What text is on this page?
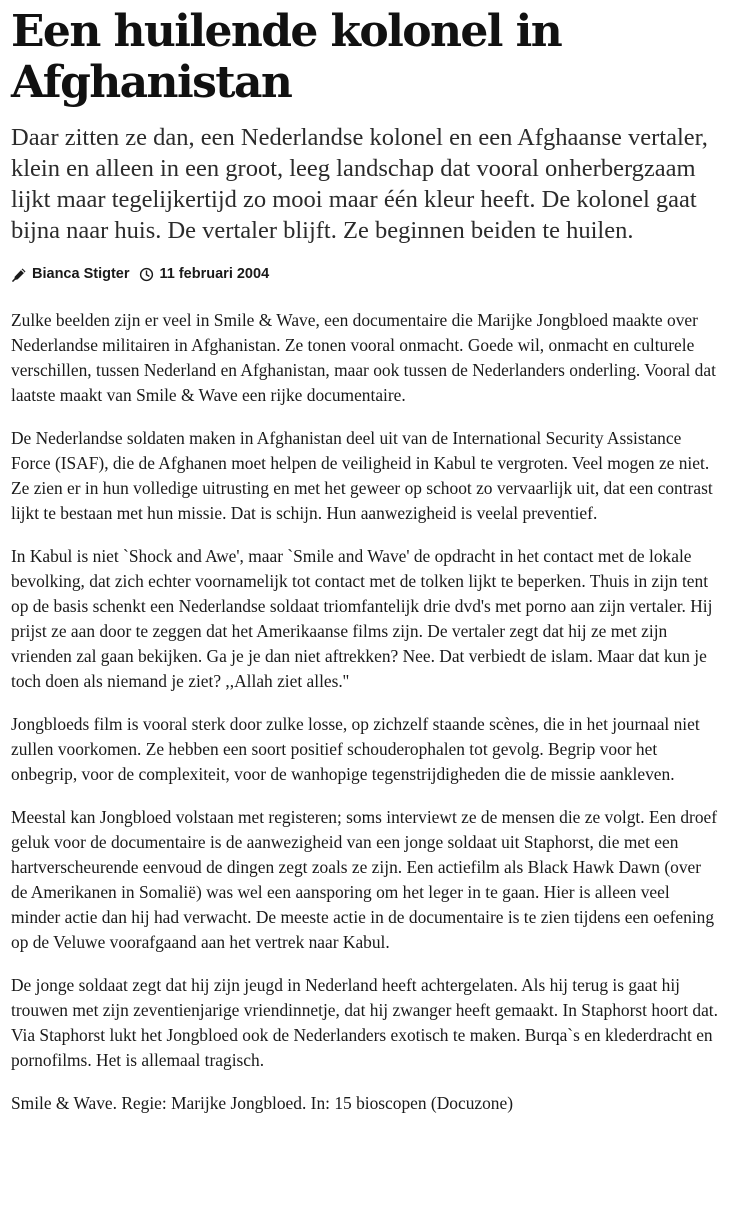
Een huilende kolonel in Afghanistan

Daar zitten ze dan, een Nederlandse kolonel en een Afghaanse vertaler, klein en alleen in een groot, leeg landschap dat vooral onherbergzaam lijkt maar tegelijkertijd zo mooi maar één kleur heeft. De kolonel gaat bijna naar huis. De vertaler blijft. Ze beginnen beiden te huilen.

Bianca Stigter 11 februari 2004

Zulke beelden zijn er veel in Smile & Wave, een documentaire die Marijke Jongbloed maakte over Nederlandse militairen in Afghanistan. Ze tonen vooral onmacht. Goede wil, onmacht en culturele verschillen, tussen Nederland en Afghanistan, maar ook tussen de Nederlanders onderling. Vooral dat laatste maakt van Smile & Wave een rijke documentaire.

De Nederlandse soldaten maken in Afghanistan deel uit van de International Security Assistance Force (ISAF), die de Afghanen moet helpen de veiligheid in Kabul te vergroten. Veel mogen ze niet. Ze zien er in hun volledige uitrusting en met het geweer op schoot zo vervaarlijk uit, dat een contrast lijkt te bestaan met hun missie. Dat is schijn. Hun aanwezigheid is veelal preventief.

In Kabul is niet `Shock and Awe', maar `Smile and Wave' de opdracht in het contact met de lokale bevolking, dat zich echter voornamelijk tot contact met de tolken lijkt te beperken. Thuis in zijn tent op de basis schenkt een Nederlandse soldaat triomfantelijk drie dvd's met porno aan zijn vertaler. Hij prijst ze aan door te zeggen dat het Amerikaanse films zijn. De vertaler zegt dat hij ze met zijn vrienden zal gaan bekijken. Ga je je dan niet aftrekken? Nee. Dat verbiedt de islam. Maar dat kun je toch doen als niemand je ziet? ,,Allah ziet alles.''

Jongbloeds film is vooral sterk door zulke losse, op zichzelf staande scènes, die in het journaal niet zullen voorkomen. Ze hebben een soort positief schouderophalen tot gevolg. Begrip voor het onbegrip, voor de complexiteit, voor de wanhopige tegenstrijdigheden die de missie aankleven.

Meestal kan Jongbloed volstaan met registeren; soms interviewt ze de mensen die ze volgt. Een droef geluk voor de documentaire is de aanwezigheid van een jonge soldaat uit Staphorst, die met een hartverscheurende eenvoud de dingen zegt zoals ze zijn. Een actiefilm als Black Hawk Dawn (over de Amerikanen in Somalië) was wel een aansporing om het leger in te gaan. Hier is alleen veel minder actie dan hij had verwacht. De meeste actie in de documentaire is te zien tijdens een oefening op de Veluwe voorafgaand aan het vertrek naar Kabul.

De jonge soldaat zegt dat hij zijn jeugd in Nederland heeft achtergelaten. Als hij terug is gaat hij trouwen met zijn zeventienjarige vriendinnetje, dat hij zwanger heeft gemaakt. In Staphorst hoort dat. Via Staphorst lukt het Jongbloed ook de Nederlanders exotisch te maken. Burqa`s en klederdracht en pornofilms. Het is allemaal tragisch.

Smile & Wave. Regie: Marijke Jongbloed. In: 15 bioscopen (Docuzone)
